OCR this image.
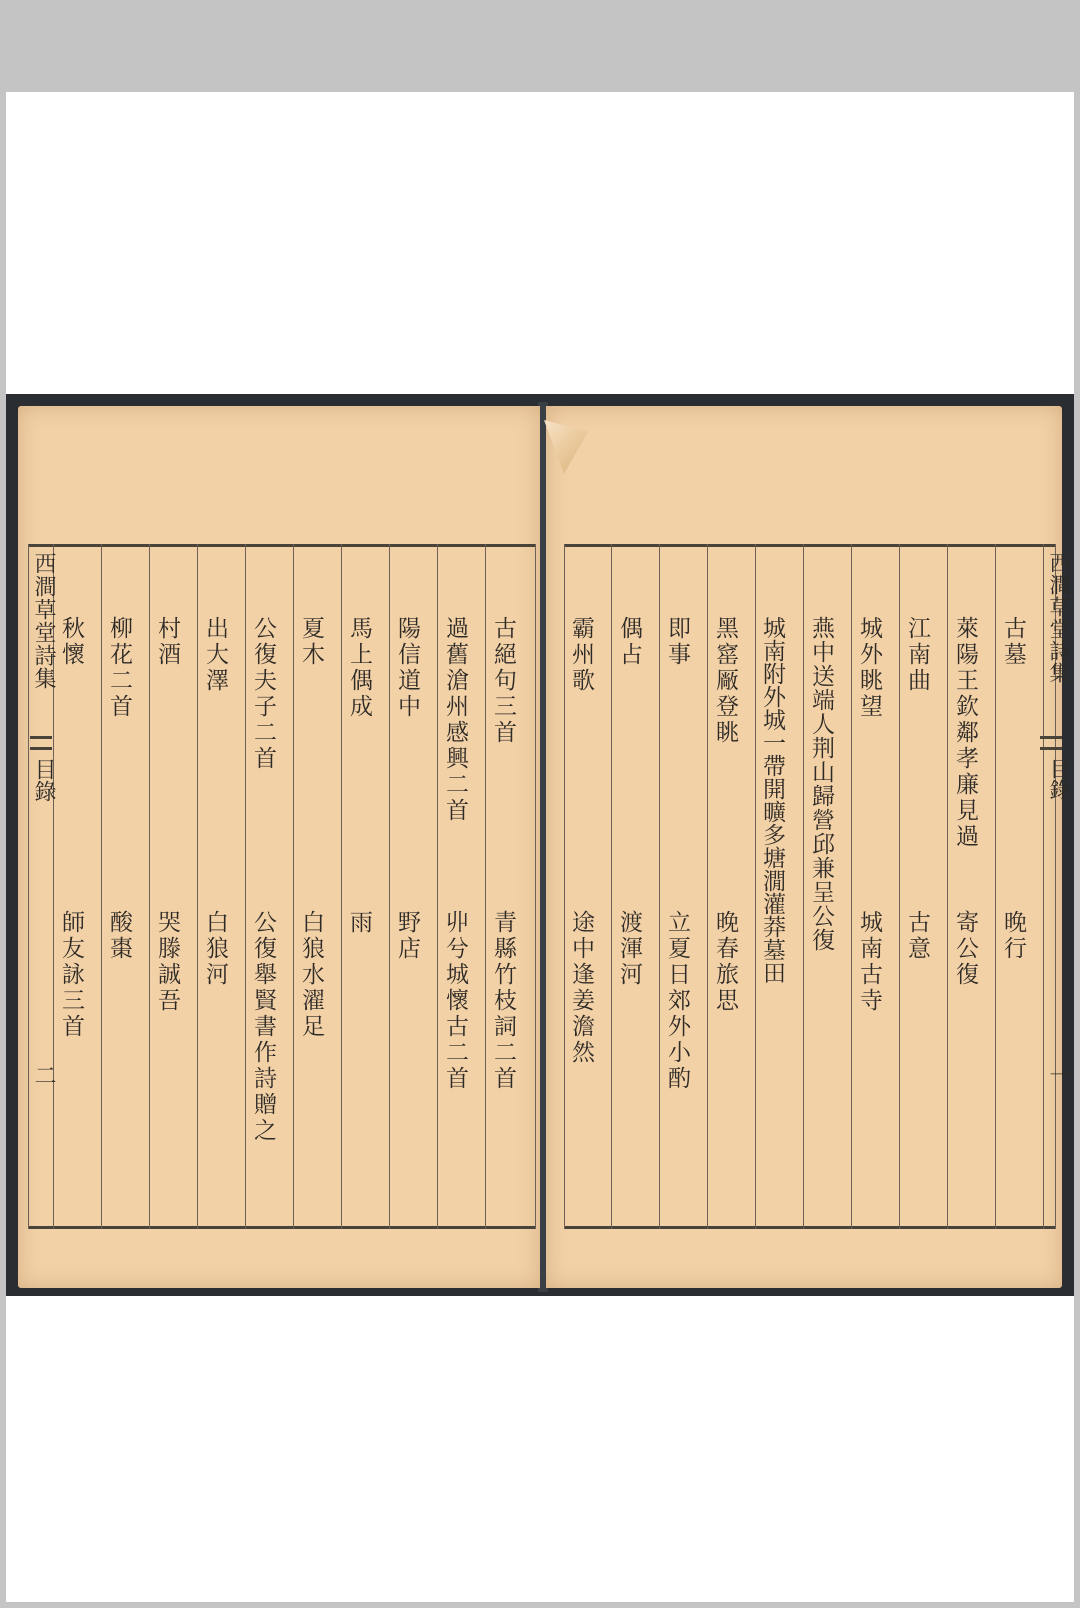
西澗草堂詩集
目錄
二
古絕句三首
青縣竹枝詞二首
過舊滄州感興二首
丱兮城懷古二首
陽信道中
野店
馬上偶成
雨
夏木
白狼水濯足
公復夫子二首
公復舉賢書作詩贈之
出大澤
白狼河
村酒
哭滕誠吾
柳花二首
酸棗
秋懷
師友詠三首
古墓
晚行
萊陽王欽鄰孝廉見過
寄公復
江南曲
古意
城外眺望
城南古寺
燕中送端人荆山歸營邱兼呈公復
城南附外城一帶開曠多塘㵎灌莽墓田
黑窰厰登眺
晚春旅思
即事
立夏日郊外小酌
偶占
渡渾河
霸州歌
途中逢姜澹然
西澗草堂詩集
目錄
一
